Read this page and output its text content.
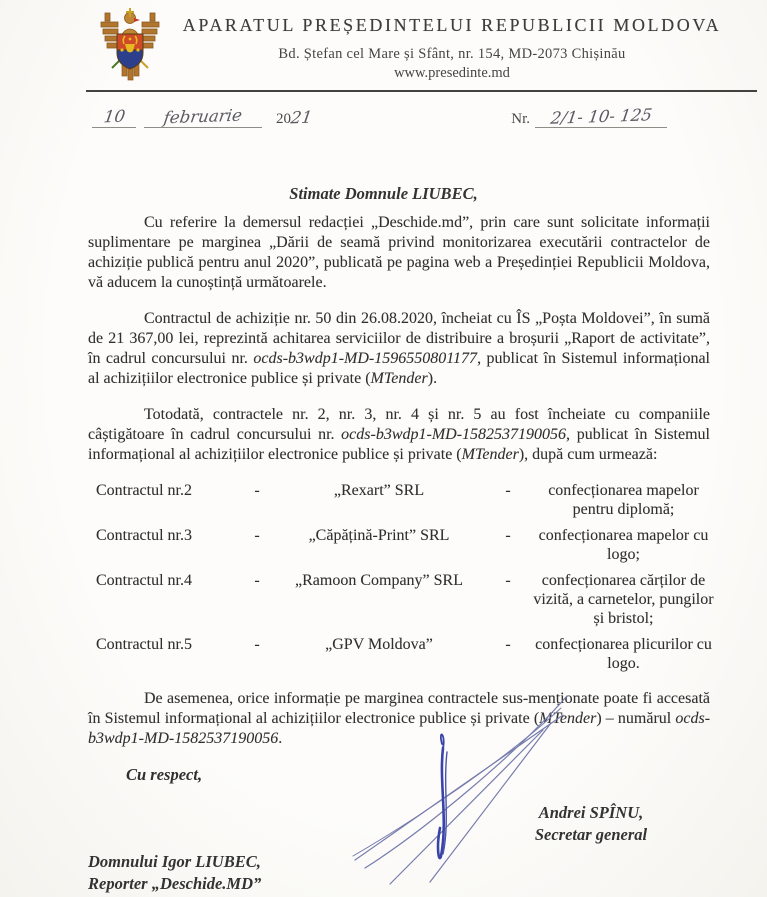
APARATUL PREȘEDINTELUI REPUBLICII MOLDOVA
Bd. Ștefan cel Mare și Sfânt, nr. 154, MD-2073 Chișinău
www.presedinte.md
10	februarie	2021	Nr.	2/1- 10- 125
Stimate Domnule LIUBEC,

Cu referire la demersul redacției „Deschide.md”, prin care sunt solicitate informații suplimentare pe marginea „Dării de seamă privind monitorizarea executării contractelor de achiziție publică pentru anul 2020”, publicată pe pagina web a Președinției Republicii Moldova, vă aducem la cunoștință următoarele.

Contractul de achiziție nr. 50 din 26.08.2020, încheiat cu ÎS „Poșta Moldovei”, în sumă de 21 367,00 lei, reprezintă achitarea serviciilor de distribuire a broșurii „Raport de activitate”, în cadrul concursului nr. ocds-b3wdp1-MD-1596550801177, publicat în Sistemul informațional al achizițiilor electronice publice și private (MTender).

Totodată, contractele nr. 2, nr. 3, nr. 4 și nr. 5 au fost încheiate cu companiile câștigătoare în cadrul concursului nr. ocds-b3wdp1-MD-1582537190056, publicat în Sistemul informațional al achizițiilor electronice publice și private (MTender), după cum urmează:

Contractul nr.2	-	„Rexart” SRL	-	confecționarea mapelor pentru diplomă;
Contractul nr.3	-	„Căpățină-Print” SRL	-	confecționarea mapelor cu logo;
Contractul nr.4	-	„Ramoon Company” SRL	-	confecționarea cărților de vizită, a carnetelor, pungilor și bristol;
Contractul nr.5	-	„GPV Moldova”	-	confecționarea plicurilor cu logo.

De asemenea, orice informație pe marginea contractele sus-menționate poate fi accesată în Sistemul informațional al achizițiilor electronice publice și private (MTender) – numărul ocds-b3wdp1-MD-1582537190056.

Cu respect,
Andrei SPÎNU,
Secretar general
Domnului Igor LIUBEC,
Reporter „Deschide.MD”
